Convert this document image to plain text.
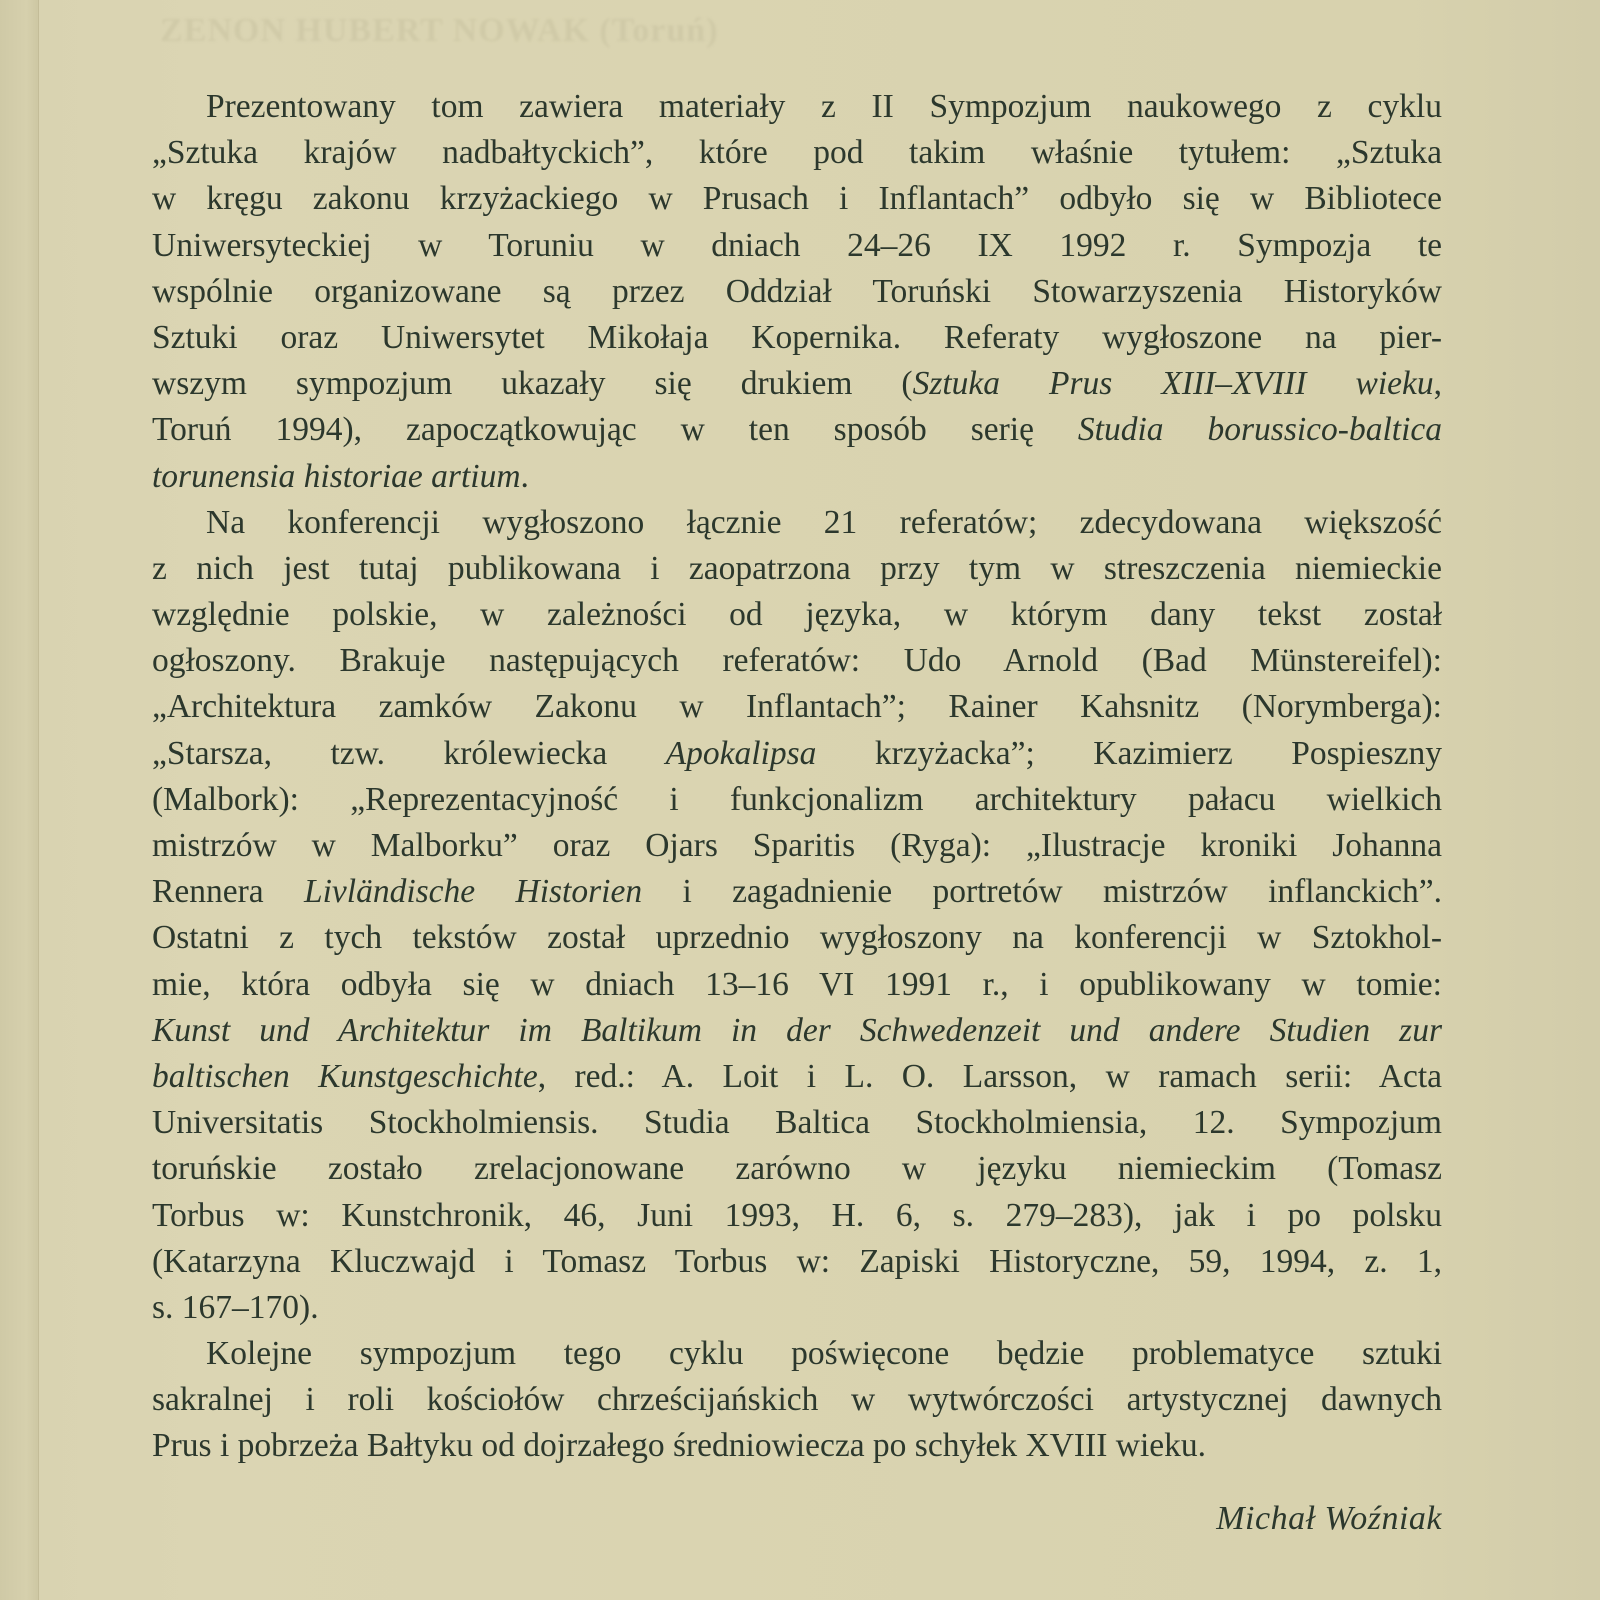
ZENON HUBERT NOWAK (Toruń)
Prezentowany tom zawiera materiały z II Sympozjum naukowego z cyklu
„Sztuka krajów nadbałtyckich”, które pod takim właśnie tytułem: „Sztuka
w kręgu zakonu krzyżackiego w Prusach i Inflantach” odbyło się w Bibliotece
Uniwersyteckiej w Toruniu w dniach 24–26 IX 1992 r. Sympozja te
wspólnie organizowane są przez Oddział Toruński Stowarzyszenia Historyków
Sztuki oraz Uniwersytet Mikołaja Kopernika. Referaty wygłoszone na pier-
wszym sympozjum ukazały się drukiem (Sztuka Prus XIII–XVIII wieku,
Toruń 1994), zapoczątkowując w ten sposób serię Studia borussico-baltica
torunensia historiae artium.
Na konferencji wygłoszono łącznie 21 referatów; zdecydowana większość
z nich jest tutaj publikowana i zaopatrzona przy tym w streszczenia niemieckie
względnie polskie, w zależności od języka, w którym dany tekst został
ogłoszony. Brakuje następujących referatów: Udo Arnold (Bad Münstereifel):
„Architektura zamków Zakonu w Inflantach”; Rainer Kahsnitz (Norymberga):
„Starsza, tzw. królewiecka Apokalipsa krzyżacka”; Kazimierz Pospieszny
(Malbork): „Reprezentacyjność i funkcjonalizm architektury pałacu wielkich
mistrzów w Malborku” oraz Ojars Sparitis (Ryga): „Ilustracje kroniki Johanna
Rennera Livländische Historien i zagadnienie portretów mistrzów inflanckich”.
Ostatni z tych tekstów został uprzednio wygłoszony na konferencji w Sztokhol-
mie, która odbyła się w dniach 13–16 VI 1991 r., i opublikowany w tomie:
Kunst und Architektur im Baltikum in der Schwedenzeit und andere Studien zur
baltischen Kunstgeschichte, red.: A. Loit i L. O. Larsson, w ramach serii: Acta
Universitatis Stockholmiensis. Studia Baltica Stockholmiensia, 12. Sympozjum
toruńskie zostało zrelacjonowane zarówno w języku niemieckim (Tomasz
Torbus w: Kunstchronik, 46, Juni 1993, H. 6, s. 279–283), jak i po polsku
(Katarzyna Kluczwajd i Tomasz Torbus w: Zapiski Historyczne, 59, 1994, z. 1,
s. 167–170).
Kolejne sympozjum tego cyklu poświęcone będzie problematyce sztuki
sakralnej i roli kościołów chrześcijańskich w wytwórczości artystycznej dawnych
Prus i pobrzeża Bałtyku od dojrzałego średniowiecza po schyłek XVIII wieku.
Michał Woźniak
